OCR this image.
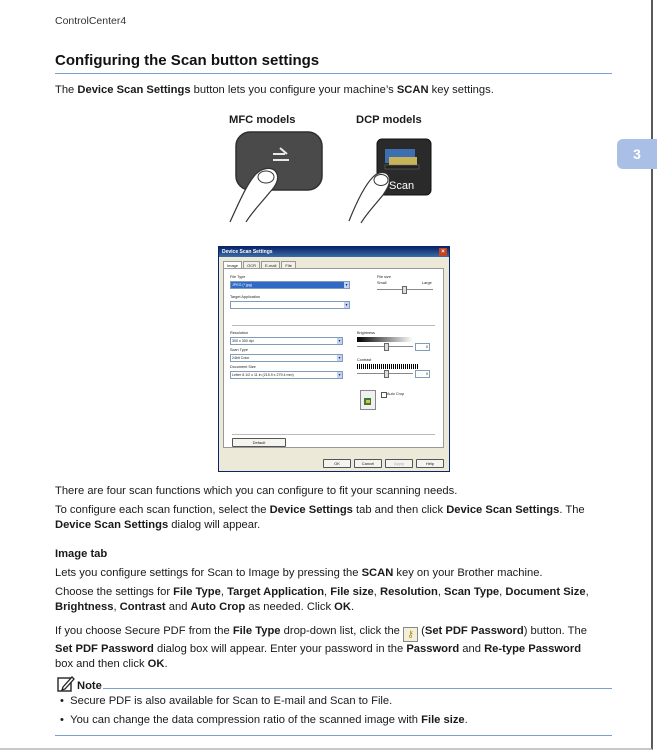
ControlCenter4
Configuring the Scan button settings
The Device Scan Settings button lets you configure your machine’s SCAN key settings.
3
MFC models	DCP models
Scan
Device Scan Settings	×
Image	OCR	E-mail	File
File Type
JPEG (*.jpg) ▾
File size
Small	Large
Target Application
▾
Resolution
300 x 300 dpi ▾
Scan Type
24bit Color ▾
Document Size
Letter 8 1/2 x 11 in (215.9 x 279.4 mm) ▾
Brightness
0
Contrast
0
Auto Crop
Default
OK	Cancel	Apply	Help
There are four scan functions which you can configure to fit your scanning needs.
To configure each scan function, select the Device Settings tab and then click Device Scan Settings. The
Device Scan Settings dialog will appear.
Image tab
Lets you configure settings for Scan to Image by pressing the SCAN key on your Brother machine.
Choose the settings for File Type, Target Application, File size, Resolution, Scan Type, Document Size,
Brightness, Contrast and Auto Crop as needed. Click OK.
If you choose Secure PDF from the File Type drop-down list, click the ⚷ (Set PDF Password) button. The
Set PDF Password dialog box will appear. Enter your password in the Password and Re-type Password
box and then click OK.
Note
•  Secure PDF is also available for Scan to E-mail and Scan to File.
•  You can change the data compression ratio of the scanned image with File size.
